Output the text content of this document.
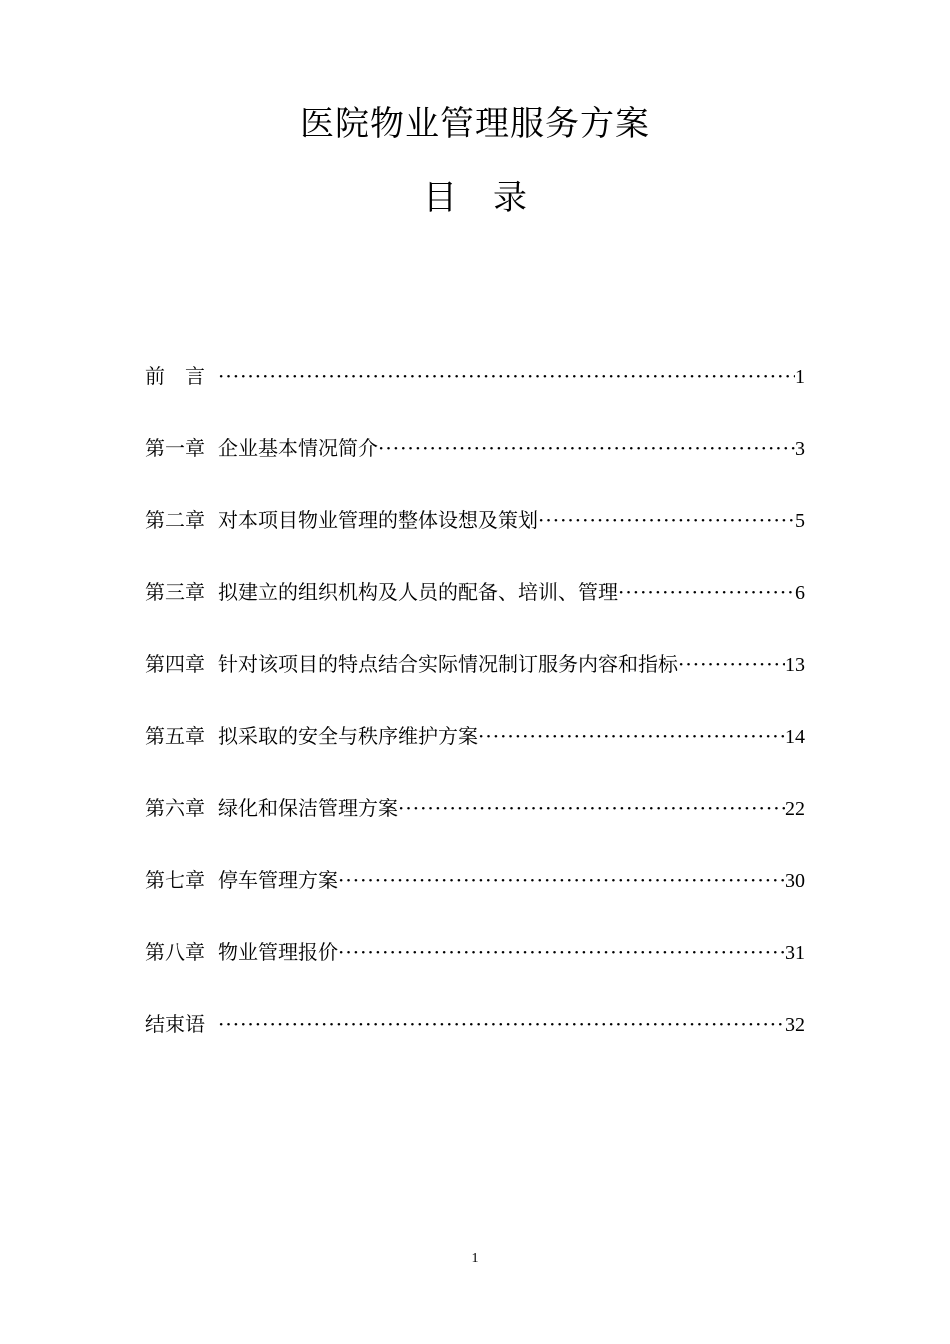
医院物业管理服务方案
目 录
前　言 ·····	1
第一章 企业基本情况简介 ·····	3
第二章 对本项目物业管理的整体设想及策划 ·····	5
第三章 拟建立的组织机构及人员的配备、培训、管理 ·····	6
第四章 针对该项目的特点结合实际情况制订服务内容和指标 ·····	13
第五章 拟采取的安全与秩序维护方案 ·····	14
第六章 绿化和保洁管理方案 ·····	22
第七章 停车管理方案 ·····	30
第八章 物业管理报价 ·····	31
结束语 ·····	32
1
